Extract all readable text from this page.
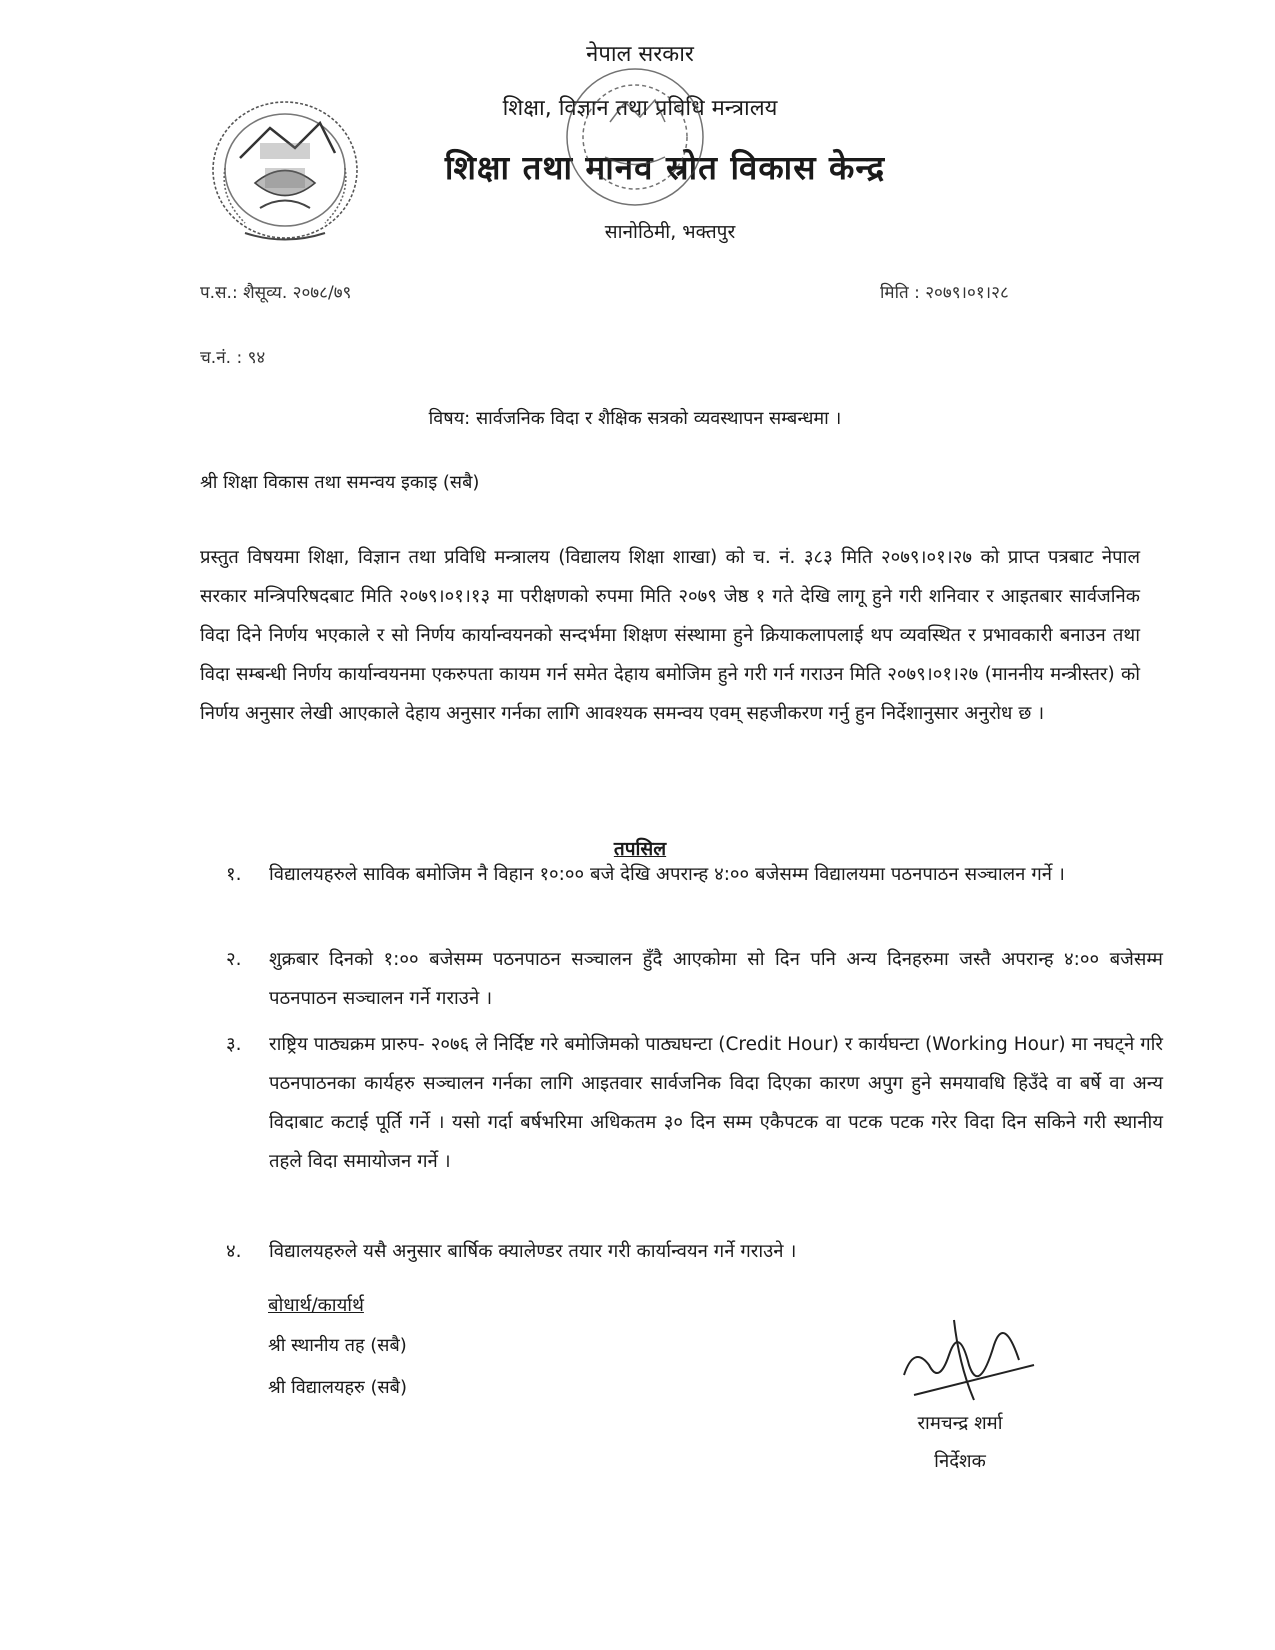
नेपाल सरकार
शिक्षा, विज्ञान तथा प्रविधि मन्त्रालय
शिक्षा तथा मानव स्रोत विकास केन्द्र
सानोठिमी, भक्तपुर
प.स.: शैसूव्य. २०७८/७९	मिति : २०७९।०१।२८
च.नं. : ९४
विषय: सार्वजनिक विदा र शैक्षिक सत्रको व्यवस्थापन सम्बन्धमा ।
श्री शिक्षा विकास तथा समन्वय इकाइ (सबै)
प्रस्तुत विषयमा शिक्षा, विज्ञान तथा प्रविधि मन्त्रालय (विद्यालय शिक्षा शाखा) को च. नं. ३८३ मिति २०७९।०१।२७ को प्राप्त पत्रबाट नेपाल सरकार मन्त्रिपरिषदबाट मिति २०७९।०१।१३ मा परीक्षणको रुपमा मिति २०७९ जेष्ठ १ गते देखि लागू हुने गरी शनिवार र आइतबार सार्वजनिक विदा दिने निर्णय भएकाले र सो निर्णय कार्यान्वयनको सन्दर्भमा शिक्षण संस्थामा हुने क्रियाकलापलाई थप व्यवस्थित र प्रभावकारी बनाउन तथा विदा सम्बन्धी निर्णय कार्यान्वयनमा एकरुपता कायम गर्न समेत देहाय बमोजिम हुने गरी गर्न गराउन मिति २०७९।०१।२७ (माननीय मन्त्रीस्तर) को निर्णय अनुसार लेखी आएकाले देहाय अनुसार गर्नका लागि आवश्यक समन्वय एवम् सहजीकरण गर्नु हुन निर्देशानुसार अनुरोध छ ।
तपसिल
१.	विद्यालयहरुले साविक बमोजिम नै विहान १०:०० बजे देखि अपरान्ह ४:०० बजेसम्म विद्यालयमा पठनपाठन सञ्चालन गर्ने ।
२.	शुक्रबार दिनको १:०० बजेसम्म पठनपाठन सञ्चालन हुँदै आएकोमा सो दिन पनि अन्य दिनहरुमा जस्तै अपरान्ह ४:०० बजेसम्म पठनपाठन सञ्चालन गर्ने गराउने ।
३.	राष्ट्रिय पाठ्यक्रम प्रारुप- २०७६ ले निर्दिष्ट गरे बमोजिमको पाठ्यघन्टा (Credit Hour) र कार्यघन्टा (Working Hour) मा नघट्ने गरि पठनपाठनका कार्यहरु सञ्चालन गर्नका लागि आइतवार सार्वजनिक विदा दिएका कारण अपुग हुने समयावधि हिउँदे वा बर्षे वा अन्य विदाबाट कटाई पूर्ति गर्ने । यसो गर्दा बर्षभरिमा अधिकतम ३० दिन सम्म एकैपटक वा पटक पटक गरेर विदा दिन सकिने गरी स्थानीय तहले विदा समायोजन गर्ने ।
४.	विद्यालयहरुले यसै अनुसार बार्षिक क्यालेण्डर तयार गरी कार्यान्वयन गर्ने गराउने ।
बोधार्थ/कार्यार्थ
श्री स्थानीय तह (सबै)
श्री विद्यालयहरु (सबै)
रामचन्द्र शर्मा
निर्देशक
